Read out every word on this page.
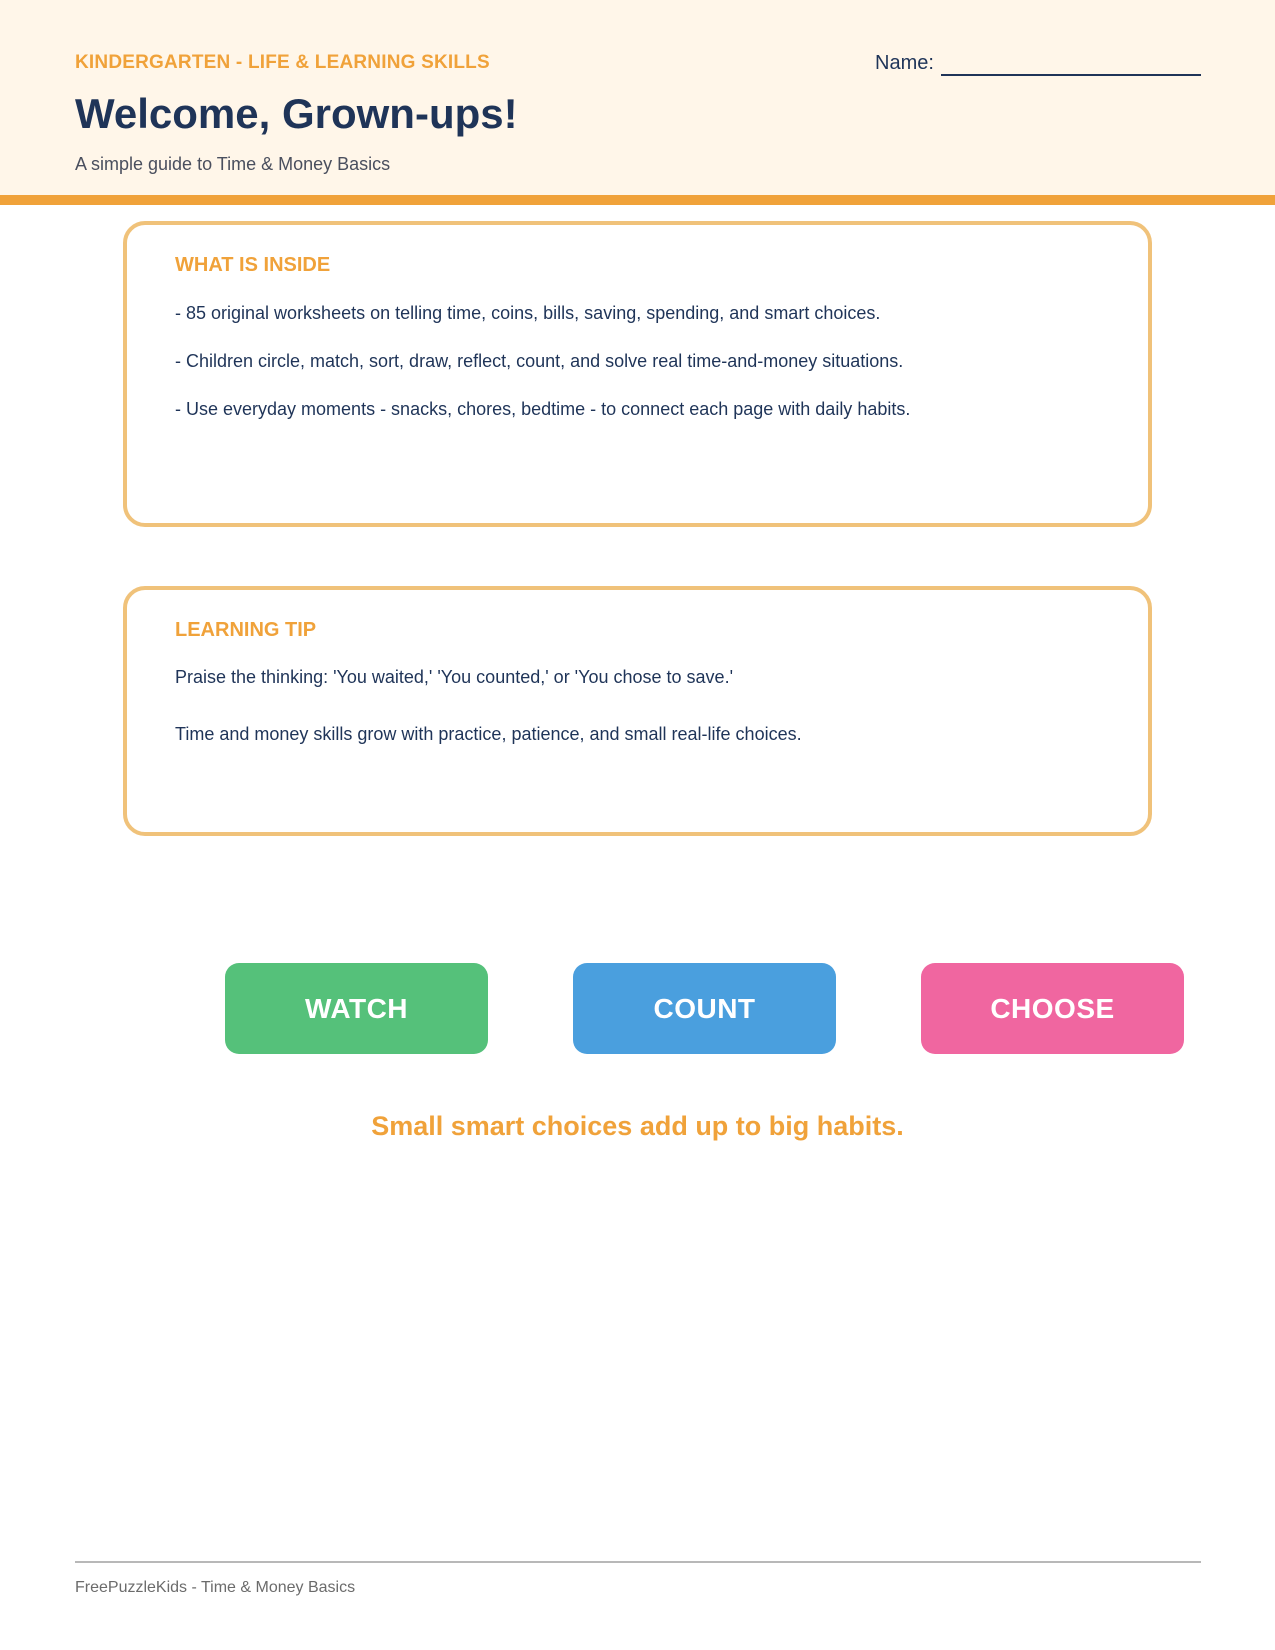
KINDERGARTEN - LIFE & LEARNING SKILLS
Welcome, Grown-ups!
A simple guide to Time & Money Basics
Name:
WHAT IS INSIDE
- 85 original worksheets on telling time, coins, bills, saving, spending, and smart choices.
- Children circle, match, sort, draw, reflect, count, and solve real time-and-money situations.
- Use everyday moments - snacks, chores, bedtime - to connect each page with daily habits.
LEARNING TIP
Praise the thinking: 'You waited,' 'You counted,' or 'You chose to save.'
Time and money skills grow with practice, patience, and small real-life choices.
WATCH	COUNT	CHOOSE
Small smart choices add up to big habits.
FreePuzzleKids - Time & Money Basics
